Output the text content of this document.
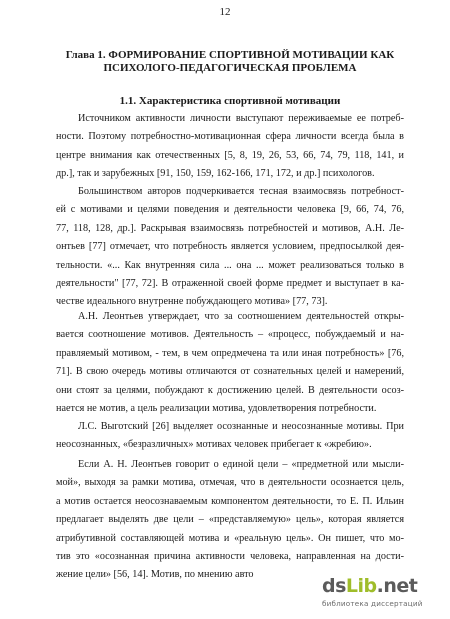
12
Глава 1. ФОРМИРОВАНИЕ СПОРТИВНОЙ МОТИВАЦИИ КАК
ПСИХОЛОГО-ПЕДАГОГИЧЕСКАЯ ПРОБЛЕМА
1.1. Характеристика спортивной мотивации
Источником активности личности выступают переживаемые ее потреб-
ности. Поэтому потребностно-мотивационная сфера личности всегда была в
центре внимания как отечественных [5, 8, 19, 26, 53, 66, 74, 79, 118, 141, и
др.], так и зарубежных [91, 150, 159, 162-166, 171, 172, и др.] психологов.
Большинством авторов подчеркивается тесная взаимосвязь потребност-
ей с мотивами и целями поведения и деятельности человека [9, 66, 74, 76,
77, 118, 128, др.]. Раскрывая взаимосвязь потребностей и мотивов, А.Н. Ле-
онтьев [77] отмечает, что потребность является условием, предпосылкой дея-
тельности. «... Как внутренняя сила ... она ... может реализоваться только в
деятельности" [77, 72]. В отраженной своей форме предмет и выступает в ка-
честве идеального внутренне побуждающего мотива» [77, 73].
А.Н. Леонтьев утверждает, что за соотношением деятельностей откры-
вается соотношение мотивов. Деятельность – «процесс, побуждаемый и на-
правляемый мотивом, - тем, в чем опредмечена та или иная потребность» [76,
71]. В свою очередь мотивы отличаются от сознательных целей и намерений,
они стоят за целями, побуждают к достижению целей. В деятельности осоз-
нается не мотив, а цель реализации мотива, удовлетворения потребности.
Л.С. Выготский [26] выделяет осознанные и неосознанные мотивы. При
неосознанных, «безразличных» мотивах человек прибегает к «жребию».
Если А. Н. Леонтьев говорит о единой цели – «предметной или мысли-
мой», выходя за рамки мотива, отмечая, что в деятельности осознается цель,
а мотив остается неосознаваемым компонентом деятельности, то Е. П. Ильин
предлагает выделять две цели – «представляемую» цель», которая является
атрибутивной составляющей мотива и «реальную цель». Он пишет, что мо-
тив это «осознанная причина активности человека, направленная на дости-
жение цели» [56, 14]. Мотив, по мнению авто
dsLib.net
библиотека диссертаций
